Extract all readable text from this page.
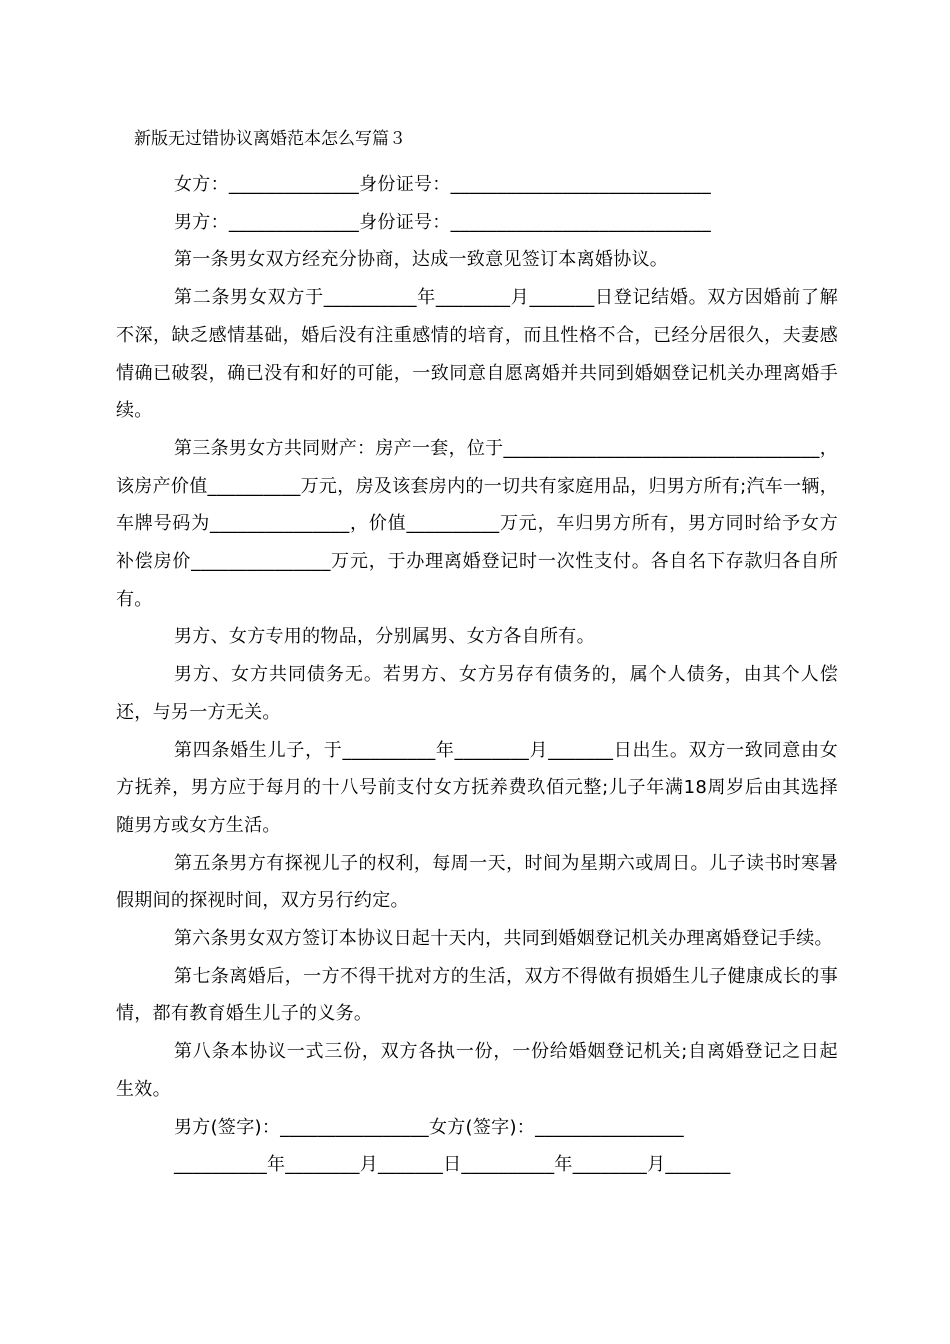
新版无过错协议离婚范本怎么写篇３

女方：______________身份证号：____________________________

男方：______________身份证号：____________________________

第一条男女双方经充分协商，达成一致意见签订本离婚协议。

第二条男女双方于__________年________月_______日登记结婚。双方因婚前了解不深，缺乏感情基础，婚后没有注重感情的培育，而且性格不合，已经分居很久，夫妻感情确已破裂，确已没有和好的可能，一致同意自愿离婚并共同到婚姻登记机关办理离婚手续。

第三条男女方共同财产：房产一套，位于__________________________________，该房产价值__________万元，房及该套房内的一切共有家庭用品，归男方所有;汽车一辆，车牌号码为_______________，价值__________万元，车归男方所有，男方同时给予女方补偿房价_______________万元，于办理离婚登记时一次性支付。各自名下存款归各自所有。

男方、女方专用的物品，分别属男、女方各自所有。

男方、女方共同债务无。若男方、女方另存有债务的，属个人债务，由其个人偿还，与另一方无关。

第四条婚生儿子，于__________年________月_______日出生。双方一致同意由女方抚养，男方应于每月的十八号前支付女方抚养费玖佰元整;儿子年满18周岁后由其选择随男方或女方生活。

第五条男方有探视儿子的权利，每周一天，时间为星期六或周日。儿子读书时寒暑假期间的探视时间，双方另行约定。

第六条男女双方签订本协议日起十天内，共同到婚姻登记机关办理离婚登记手续。

第七条离婚后，一方不得干扰对方的生活，双方不得做有损婚生儿子健康成长的事情，都有教育婚生儿子的义务。

第八条本协议一式三份，双方各执一份，一份给婚姻登记机关;自离婚登记之日起生效。

男方(签字)：________________女方(签字)：________________

__________年________月_______日__________年________月_______
